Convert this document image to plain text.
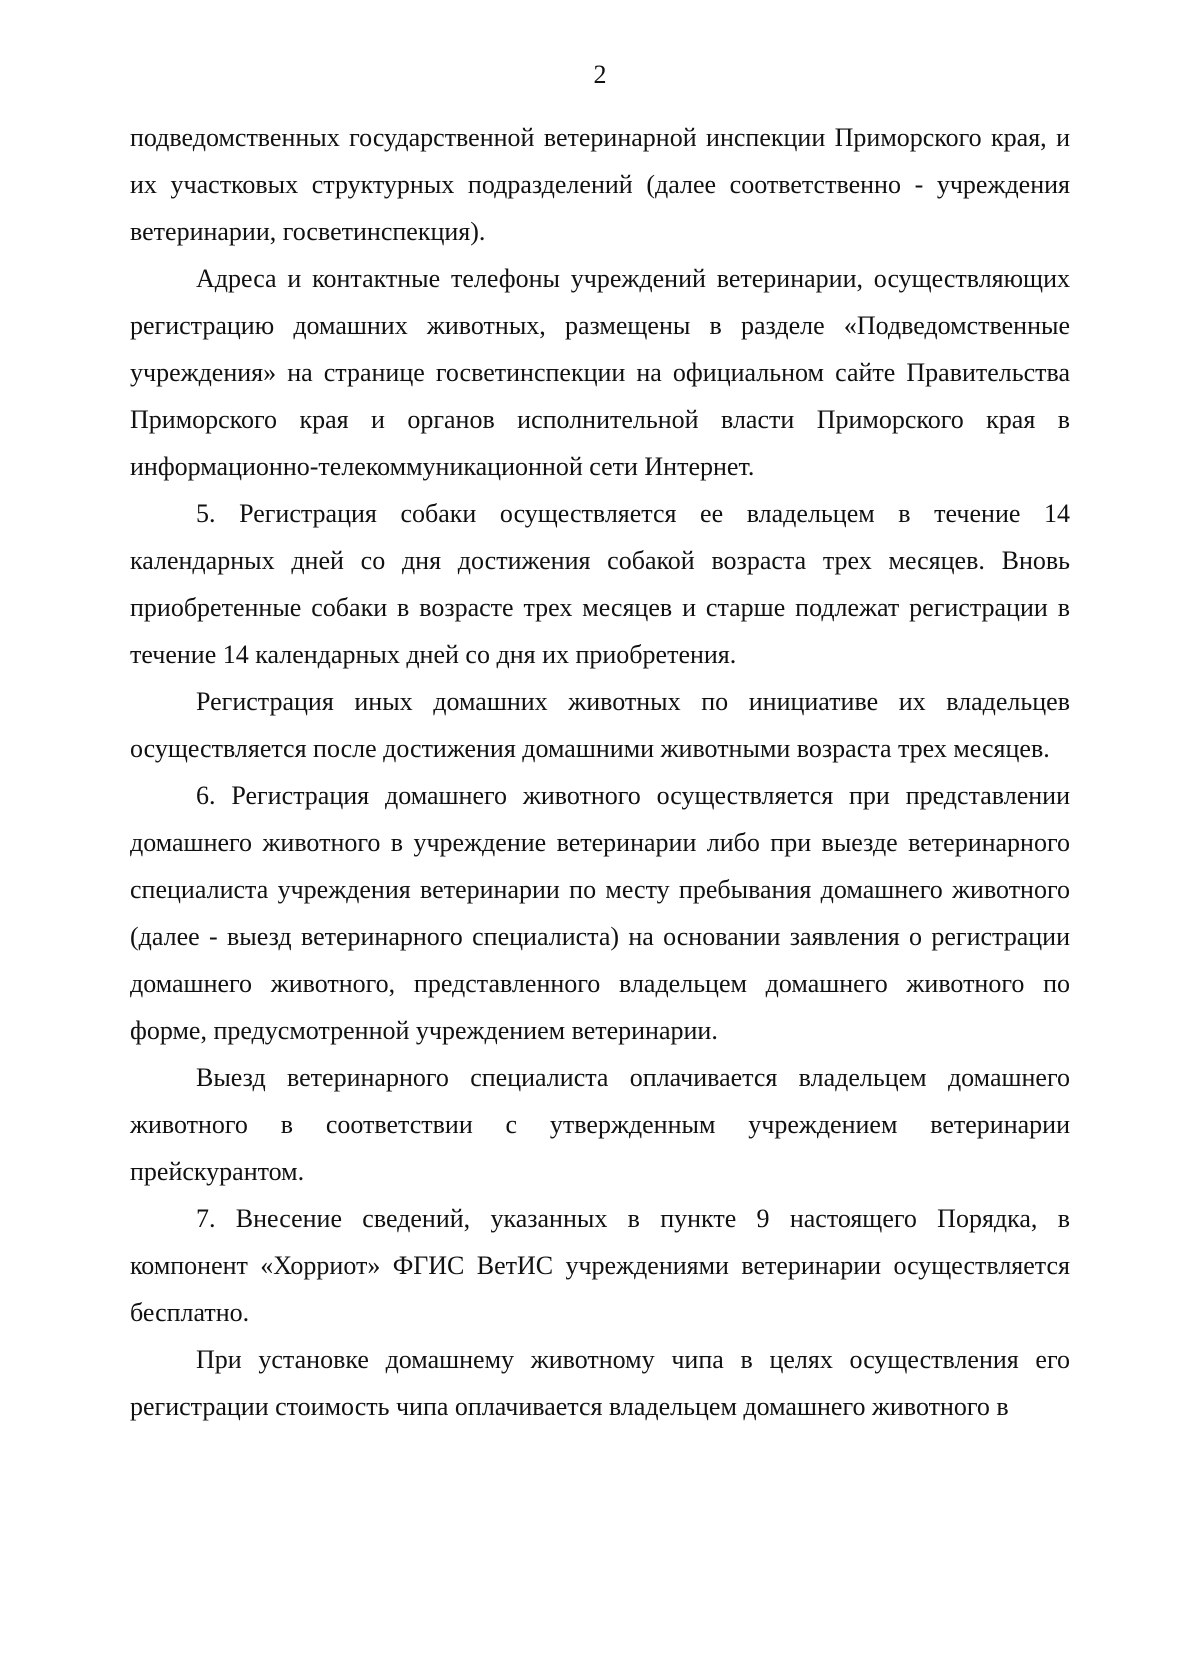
2

подведомственных государственной ветеринарной инспекции Приморского края, и их участковых структурных подразделений (далее соответственно - учреждения ветеринарии, госветинспекция).

Адреса и контактные телефоны учреждений ветеринарии, осуществляющих регистрацию домашних животных, размещены в разделе «Подведомственные учреждения» на странице госветинспекции на официальном сайте Правительства Приморского края и органов исполнительной власти Приморского края в информационно-телекоммуникационной сети Интернет.

5. Регистрация собаки осуществляется ее владельцем в течение 14 календарных дней со дня достижения собакой возраста трех месяцев. Вновь приобретенные собаки в возрасте трех месяцев и старше подлежат регистрации в течение 14 календарных дней со дня их приобретения.

Регистрация иных домашних животных по инициативе их владельцев осуществляется после достижения домашними животными возраста трех месяцев.

6. Регистрация домашнего животного осуществляется при представлении домашнего животного в учреждение ветеринарии либо при выезде ветеринарного специалиста учреждения ветеринарии по месту пребывания домашнего животного (далее - выезд ветеринарного специалиста) на основании заявления о регистрации домашнего животного, представленного владельцем домашнего животного по форме, предусмотренной учреждением ветеринарии.

Выезд ветеринарного специалиста оплачивается владельцем домашнего животного в соответствии с утвержденным учреждением ветеринарии прейскурантом.

7. Внесение сведений, указанных в пункте 9 настоящего Порядка, в компонент «Хорриот» ФГИС ВетИС учреждениями ветеринарии осуществляется бесплатно.

При установке домашнему животному чипа в целях осуществления его регистрации стоимость чипа оплачивается владельцем домашнего животного в
